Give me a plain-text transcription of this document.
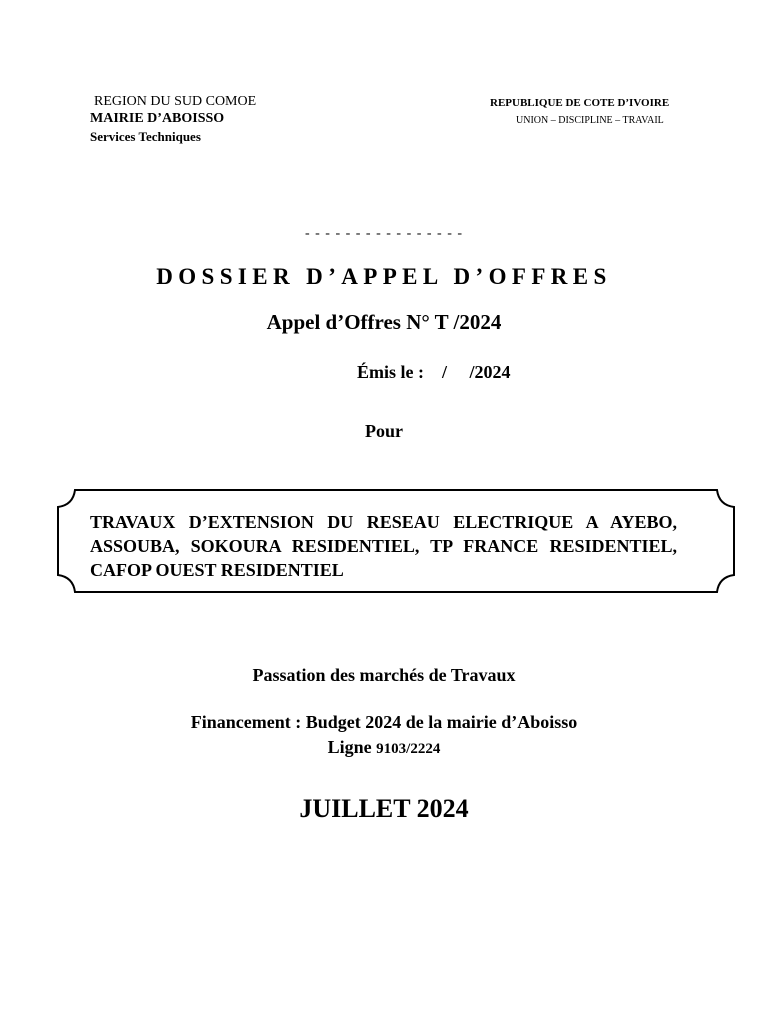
REGION DU SUD COMOE
MAIRIE D’ABOISSO
Services Techniques
REPUBLIQUE DE COTE D’IVOIRE
UNION – DISCIPLINE – TRAVAIL
- - - - - - - - - - - - - - - -
DOSSIER D’APPEL D’OFFRES
Appel d’Offres N° T /2024
Émis le :    /     /2024
Pour
TRAVAUX D’EXTENSION DU RESEAU ELECTRIQUE A AYEBO, ASSOUBA, SOKOURA RESIDENTIEL, TP FRANCE RESIDENTIEL, CAFOP OUEST RESIDENTIEL
Passation des marchés de Travaux
Financement : Budget 2024 de la mairie d’Aboisso
Ligne 9103/2224
JUILLET 2024
